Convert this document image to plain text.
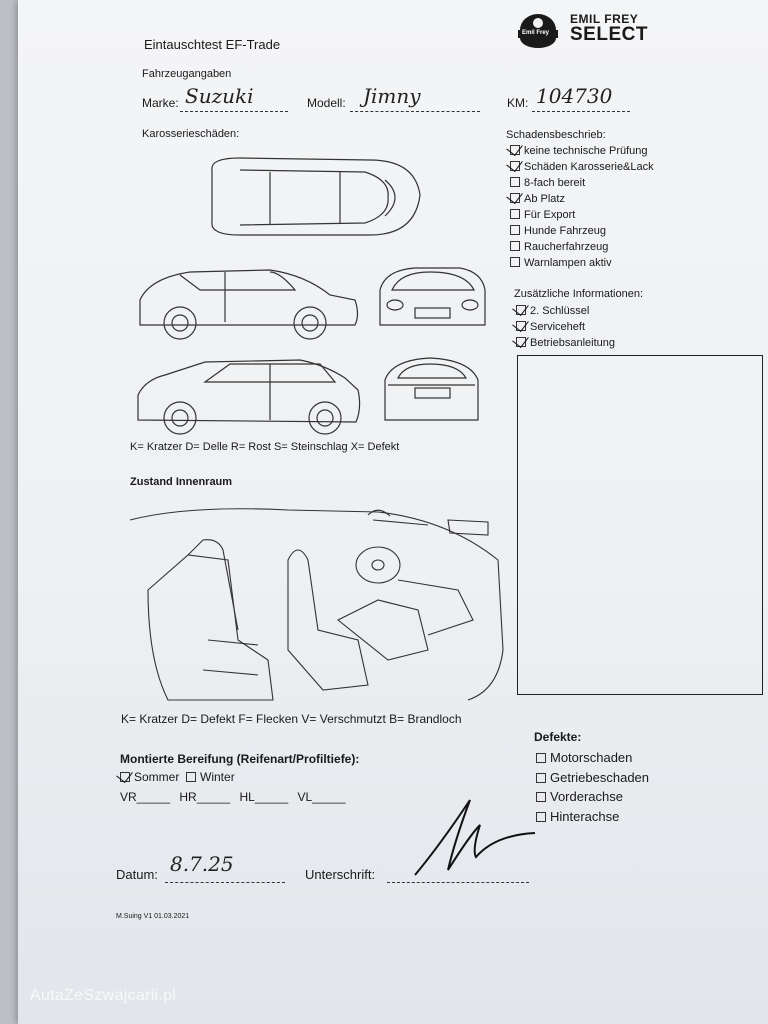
Emil Frey
EMIL FREY
SELECT
Eintauschtest EF-Trade
Fahrzeugangaben
Marke: Suzuki	Modell: Jimny	KM: 104730
Karosserieschäden:
K= Kratzer D= Delle R= Rost S= Steinschlag X= Defekt
Schadensbeschrieb:
keine technische Prüfung
Schäden Karosserie&Lack
8-fach bereit
Ab Platz
Für Export
Hunde Fahrzeug
Raucherfahrzeug
Warnlampen aktiv
Zusätzliche Informationen:
2. Schlüssel
Serviceheft
Betriebsanleitung
Zustand Innenraum
K= Kratzer D= Defekt F= Flecken V= Verschmutzt B= Brandloch
Montierte Bereifung (Reifenart/Profiltiefe):
Sommer Winter
VR_____ HR_____ HL_____ VL_____
Defekte:
Motorschaden
Getriebeschaden
Vorderachse
Hinterachse
Datum: 8.7.25	Unterschrift:
M.Suing V1 01.03.2021
AutaZeSzwajcarii.pl
